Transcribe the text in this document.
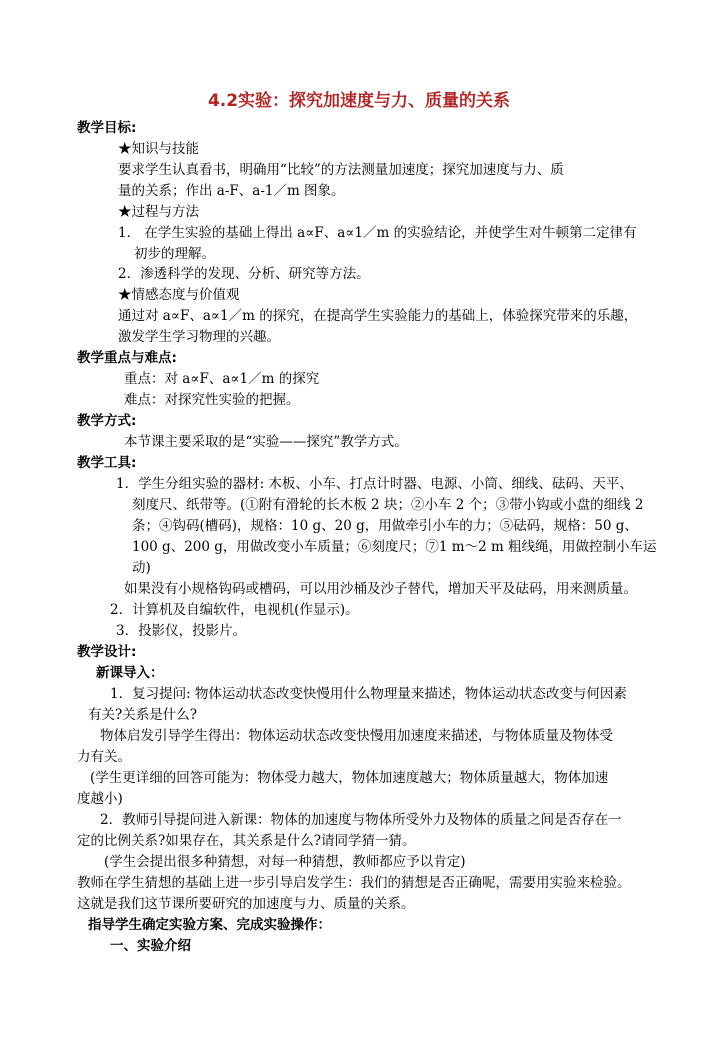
4.2实验：探究加速度与力、质量的关系
教学目标:
★知识与技能
要求学生认真看书，明确用“比较”的方法测量加速度；探究加速度与力、质
量的关系；作出 a-F、a-1／m 图象。
★过程与方法
1． 在学生实验的基础上得出 a∝F、a∝1／m 的实验结论，并使学生对牛顿第二定律有
初步的理解。
2．渗透科学的发现、分析、研究等方法。
★情感态度与价值观
通过对 a∝F、a∝1／m 的探究，在提高学生实验能力的基础上，体验探究带来的乐趣，
激发学生学习物理的兴趣。
教学重点与难点:
重点：对 a∝F、a∝1／m 的探究
难点：对探究性实验的把握。
教学方式:
本节课主要采取的是“实验——探究”教学方式。
教学工具:
1．学生分组实验的器材: 木板、小车、打点计时器、电源、小筒、细线、砝码、天平、
刻度尺、纸带等。(①附有滑轮的长木板 2 块；②小车 2 个；③带小钩或小盘的细线 2
条；④钩码(槽码)，规格：10 g、20 g，用做牵引小车的力；⑤砝码，规格：50 g、
100 g、200 g，用做改变小车质量；⑥刻度尺；⑦1 m～2 m 粗线绳，用做控制小车运
动)
如果没有小规格钩码或槽码，可以用沙桶及沙子替代，增加天平及砝码，用来测质量。
2．计算机及自编软件，电视机(作显示)。
3．投影仪，投影片。
教学设计:
新课导入：
1．复习提问: 物体运动状态改变快慢用什么物理量来描述，物体运动状态改变与何因素
有关?关系是什么?
物体启发引导学生得出：物体运动状态改变快慢用加速度来描述，与物体质量及物体受
力有关。
(学生更详细的回答可能为：物体受力越大，物体加速度越大；物体质量越大，物体加速
度越小)
2．教师引导提问进入新课：物体的加速度与物体所受外力及物体的质量之间是否存在一
定的比例关系?如果存在，其关系是什么?请同学猜一猜。
(学生会提出很多种猜想，对每一种猜想，教师都应予以肯定)
教师在学生猜想的基础上进一步引导启发学生：我们的猜想是否正确呢，需要用实验来检验。
这就是我们这节课所要研究的加速度与力、质量的关系。
指导学生确定实验方案、完成实验操作：
一、实验介绍
